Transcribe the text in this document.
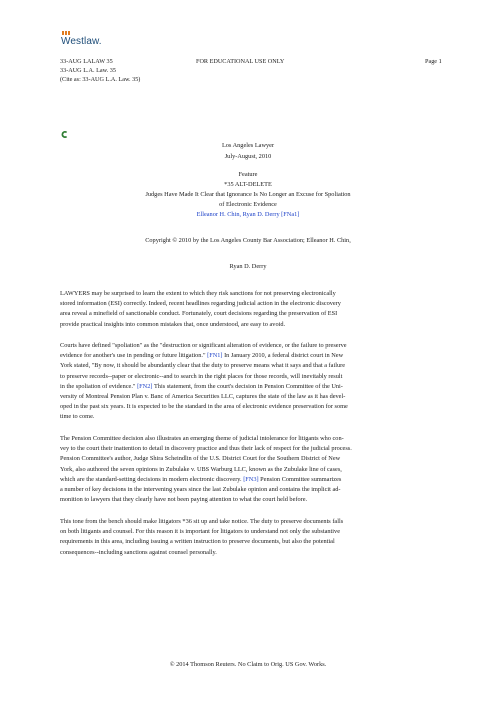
Westlaw.
33-AUG LALAW 35
33-AUG L.A. Law. 35
(Cite as: 33-AUG L.A. Law. 35)
FOR EDUCATIONAL USE ONLY	Page 1
Los Angeles Lawyer
July-August, 2010
Feature
*35 ALT-DELETE
Judges Have Made It Clear that Ignorance Is No Longer an Excuse for Spoliation
of Electronic Evidence
Elleanor H. Chin, Ryan D. Derry [FNa1]
Copyright © 2010 by the Los Angeles County Bar Association; Elleanor H. Chin,
Ryan D. Derry
LAWYERS may be surprised to learn the extent to which they risk sanctions for not preserving electronically
stored information (ESI) correctly. Indeed, recent headlines regarding judicial action in the electronic discovery
area reveal a minefield of sanctionable conduct. Fortunately, court decisions regarding the preservation of ESI
provide practical insights into common mistakes that, once understood, are easy to avoid.
Courts have defined "spoliation" as the "destruction or significant alteration of evidence, or the failure to preserve
evidence for another's use in pending or future litigation." [FN1] In January 2010, a federal district court in New
York stated, "By now, it should be abundantly clear that the duty to preserve means what it says and that a failure
to preserve records--paper or electronic--and to search in the right places for those records, will inevitably result
in the spoliation of evidence." [FN2] This statement, from the court's decision in Pension Committee of the Uni-
versity of Montreal Pension Plan v. Banc of America Securities LLC, captures the state of the law as it has devel-
oped in the past six years. It is expected to be the standard in the area of electronic evidence preservation for some
time to come.
The Pension Committee decision also illustrates an emerging theme of judicial intolerance for litigants who con-
vey to the court their inattention to detail in discovery practice and thus their lack of respect for the judicial process.
Pension Committee's author, Judge Shira Scheindlin of the U.S. District Court for the Southern District of New
York, also authored the seven opinions in Zubulake v. UBS Warburg LLC, known as the Zubulake line of cases,
which are the standard-setting decisions in modern electronic discovery. [FN3] Pension Committee summarizes
a number of key decisions in the intervening years since the last Zubulake opinion and contains the implicit ad-
monition to lawyers that they clearly have not been paying attention to what the court held before.
This tone from the bench should make litigators *36 sit up and take notice. The duty to preserve documents falls
on both litigants and counsel. For this reason it is important for litigators to understand not only the substantive
requirements in this area, including issuing a written instruction to preserve documents, but also the potential
consequences--including sanctions against counsel personally.
© 2014 Thomson Reuters. No Claim to Orig. US Gov. Works.
